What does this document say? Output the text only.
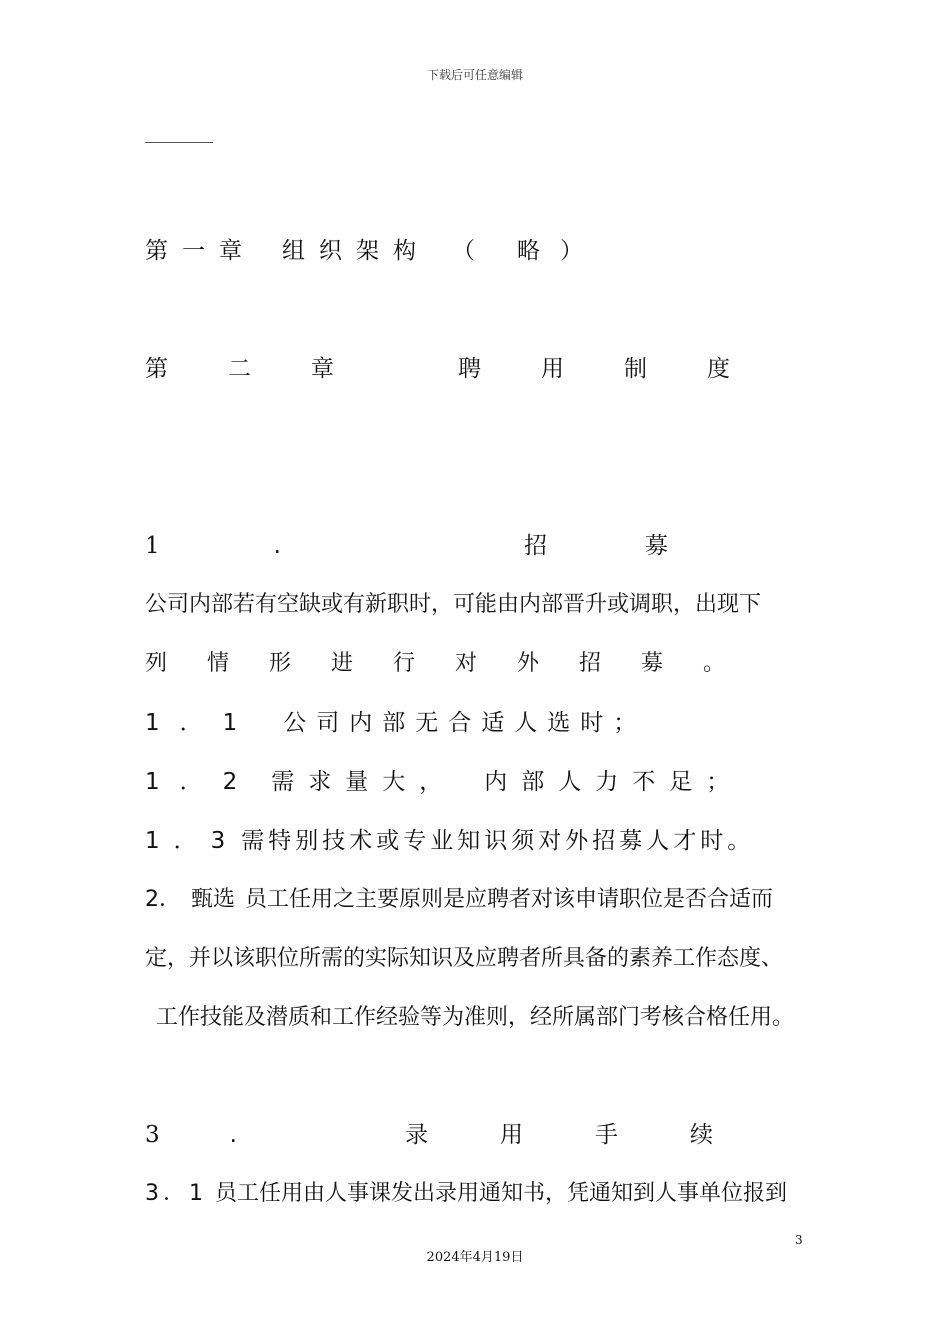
下载后可任意编辑
第一章 组织架构 （ 略 ）
第二章	聘用制度
1	.	招募
公司内部若有空缺或有新职时，可能由内部晋升或调职，出现下
列情形进行对外招募。
1．1 公司内部无合适人选时；
1．2 需求量大， 内部人力不足；
1．3 需特别技术或专业知识须对外招募人才时。
2． 甄选 员工任用之主要原则是应聘者对该申请职位是否合适而
定，并以该职位所需的实际知识及应聘者所具备的素养工作态度、
工作技能及潜质和工作经验等为准则，经所属部门考核合格任用。
3	.	录用手续
3．1 员工任用由人事课发出录用通知书，凭通知到人事单位报到
3
2024年4月19日
